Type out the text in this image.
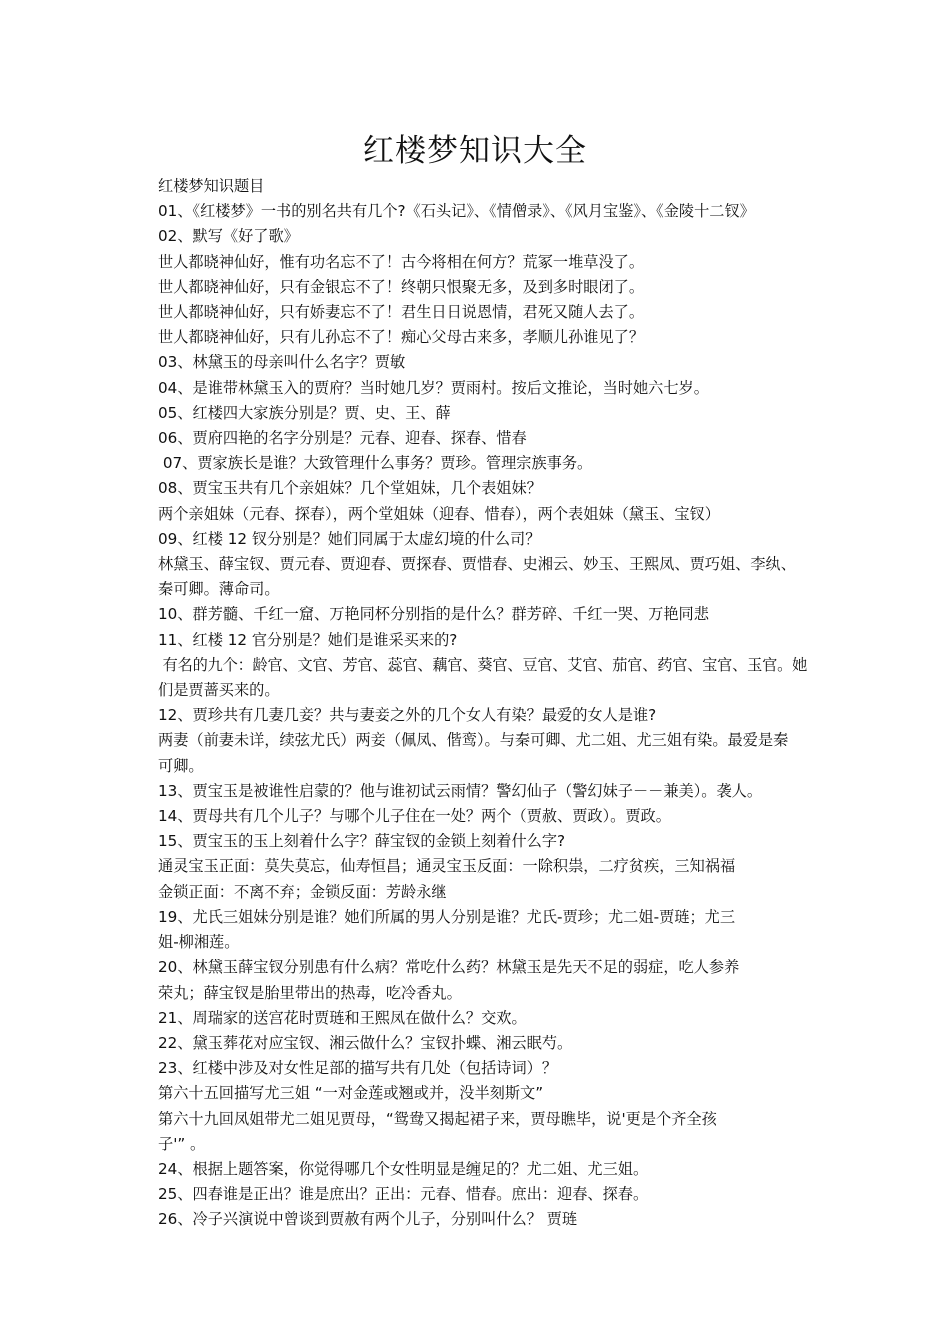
红楼梦知识大全

红楼梦知识题目

01、《红楼梦》一书的别名共有几个?《石头记》、《情僧录》、《风月宝鉴》、《金陵十二钗》

02、默写《好了歌》

世人都晓神仙好，惟有功名忘不了！古今将相在何方？荒冢一堆草没了。

世人都晓神仙好，只有金银忘不了！终朝只恨聚无多，及到多时眼闭了。

世人都晓神仙好，只有娇妻忘不了！君生日日说恩情，君死又随人去了。

世人都晓神仙好，只有儿孙忘不了！痴心父母古来多，孝顺儿孙谁见了？

03、林黛玉的母亲叫什么名字？贾敏

04、是谁带林黛玉入的贾府？当时她几岁？贾雨村。按后文推论，当时她六七岁。

05、红楼四大家族分别是？贾、史、王、薛

06、贾府四艳的名字分别是？元春、迎春、探春、惜春

07、贾家族长是谁？大致管理什么事务？贾珍。管理宗族事务。

08、贾宝玉共有几个亲姐妹？几个堂姐妹，几个表姐妹？

两个亲姐妹（元春、探春），两个堂姐妹（迎春、惜春），两个表姐妹（黛玉、宝钗）

09、红楼 12 钗分别是？她们同属于太虚幻境的什么司？

林黛玉、薛宝钗、贾元春、贾迎春、贾探春、贾惜春、史湘云、妙玉、王熙凤、贾巧姐、李纨、

秦可卿。薄命司。

10、群芳髓、千红一窟、万艳同杯分别指的是什么？群芳碎、千红一哭、万艳同悲

11、红楼 12 官分别是？她们是谁采买来的?

有名的九个：龄官、文官、芳官、蕊官、藕官、葵官、豆官、艾官、茄官、药官、宝官、玉官。她

们是贾蔷买来的。

12、贾珍共有几妻几妾？共与妻妾之外的几个女人有染？最爱的女人是谁?

两妻（前妻未详，续弦尤氏）两妾（佩凤、偕鸾）。与秦可卿、尤二姐、尤三姐有染。最爱是秦

可卿。

13、贾宝玉是被谁性启蒙的？他与谁初试云雨情？警幻仙子（警幻妹子－－兼美）。袭人。

14、贾母共有几个儿子？与哪个儿子住在一处？两个（贾赦、贾政）。贾政。

15、贾宝玉的玉上刻着什么字？薛宝钗的金锁上刻着什么字?

通灵宝玉正面：莫失莫忘，仙寿恒昌；通灵宝玉反面：一除积祟，二疗贫疾，三知祸福

金锁正面：不离不弃；金锁反面：芳龄永继

19、尤氏三姐妹分别是谁？她们所属的男人分别是谁？尤氏-贾珍；尤二姐-贾琏；尤三

姐-柳湘莲。

20、林黛玉薛宝钗分别患有什么病？常吃什么药？林黛玉是先天不足的弱症，吃人参养

荣丸；薛宝钗是胎里带出的热毒，吃冷香丸。

21、周瑞家的送宫花时贾琏和王熙凤在做什么？交欢。

22、黛玉葬花对应宝钗、湘云做什么？宝钗扑蝶、湘云眠芍。

23、红楼中涉及对女性足部的描写共有几处（包括诗词）？

第六十五回描写尤三姐 “一对金莲或翘或并，没半刻斯文”

第六十九回凤姐带尤二姐见贾母，“鸳鸯又揭起裙子来，贾母瞧毕，说'更是个齐全孩

子'” 。

24、根据上题答案，你觉得哪几个女性明显是缠足的？尤二姐、尤三姐。

25、四春谁是正出？谁是庶出？正出：元春、惜春。庶出：迎春、探春。

26、冷子兴演说中曾谈到贾赦有两个儿子，分别叫什么？ 贾琏
